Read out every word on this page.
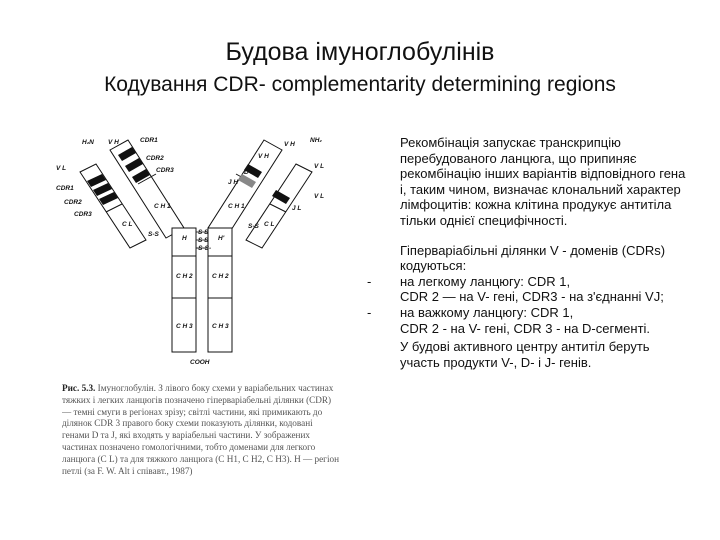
Будова імуноглобулінів
Кодування CDR- complementarity determining regions
H₂N V H	CDR1
CDR2
CDR3
V L
CDR1
CDR2
CDR3
C H 1
C L
S-S
H
S S
S S
-S-S-
H'
C H 2	C H 2
C H 3	C H 3
COOH
NH₂
V H
V L
V H
D H
J H
J L
V L
C H 1
S-S C L
Рис. 5.3. Імуноглобулін. З лівого боку схеми у варіабельних частинах тяжких і легких ланцюгів позначено гіперваріабельні ділянки (CDR) — темні смуги в регіонах зрізу; світлі частини, які примикають до ділянок CDR 3 правого боку схеми показують ділянки, кодовані генами D та J, які входять у варіабельні частини. У зображених частинах позначено гомологічними, тобто доменами для легкого ланцюга (C L) та для тяжкого ланцюга (C H1, C H2, C H3). H — регіон петлі (за F. W. Alt і співавт., 1987)
Рекомбінація запускає транскрипцію перебудованого ланцюга, що припиняє рекомбінацію інших варіантів відповідного гена і, таким чином, визначає клональний характер лімфоцитів: кожна клітина продукує антитіла тільки однієї специфічності.
Гіперваріабільні ділянки V - доменів (CDRs) кодуються:
- на легкому ланцюгу: CDR 1,
CDR 2 — на V- гені, CDR3 - на з'єднанні VJ;
- на важкому ланцюгу: CDR 1,
CDR 2 - на V- гені, CDR 3 - на D-сегменті.
У будові активного центру антитіл беруть участь продукти V-, D- і J- генів.
